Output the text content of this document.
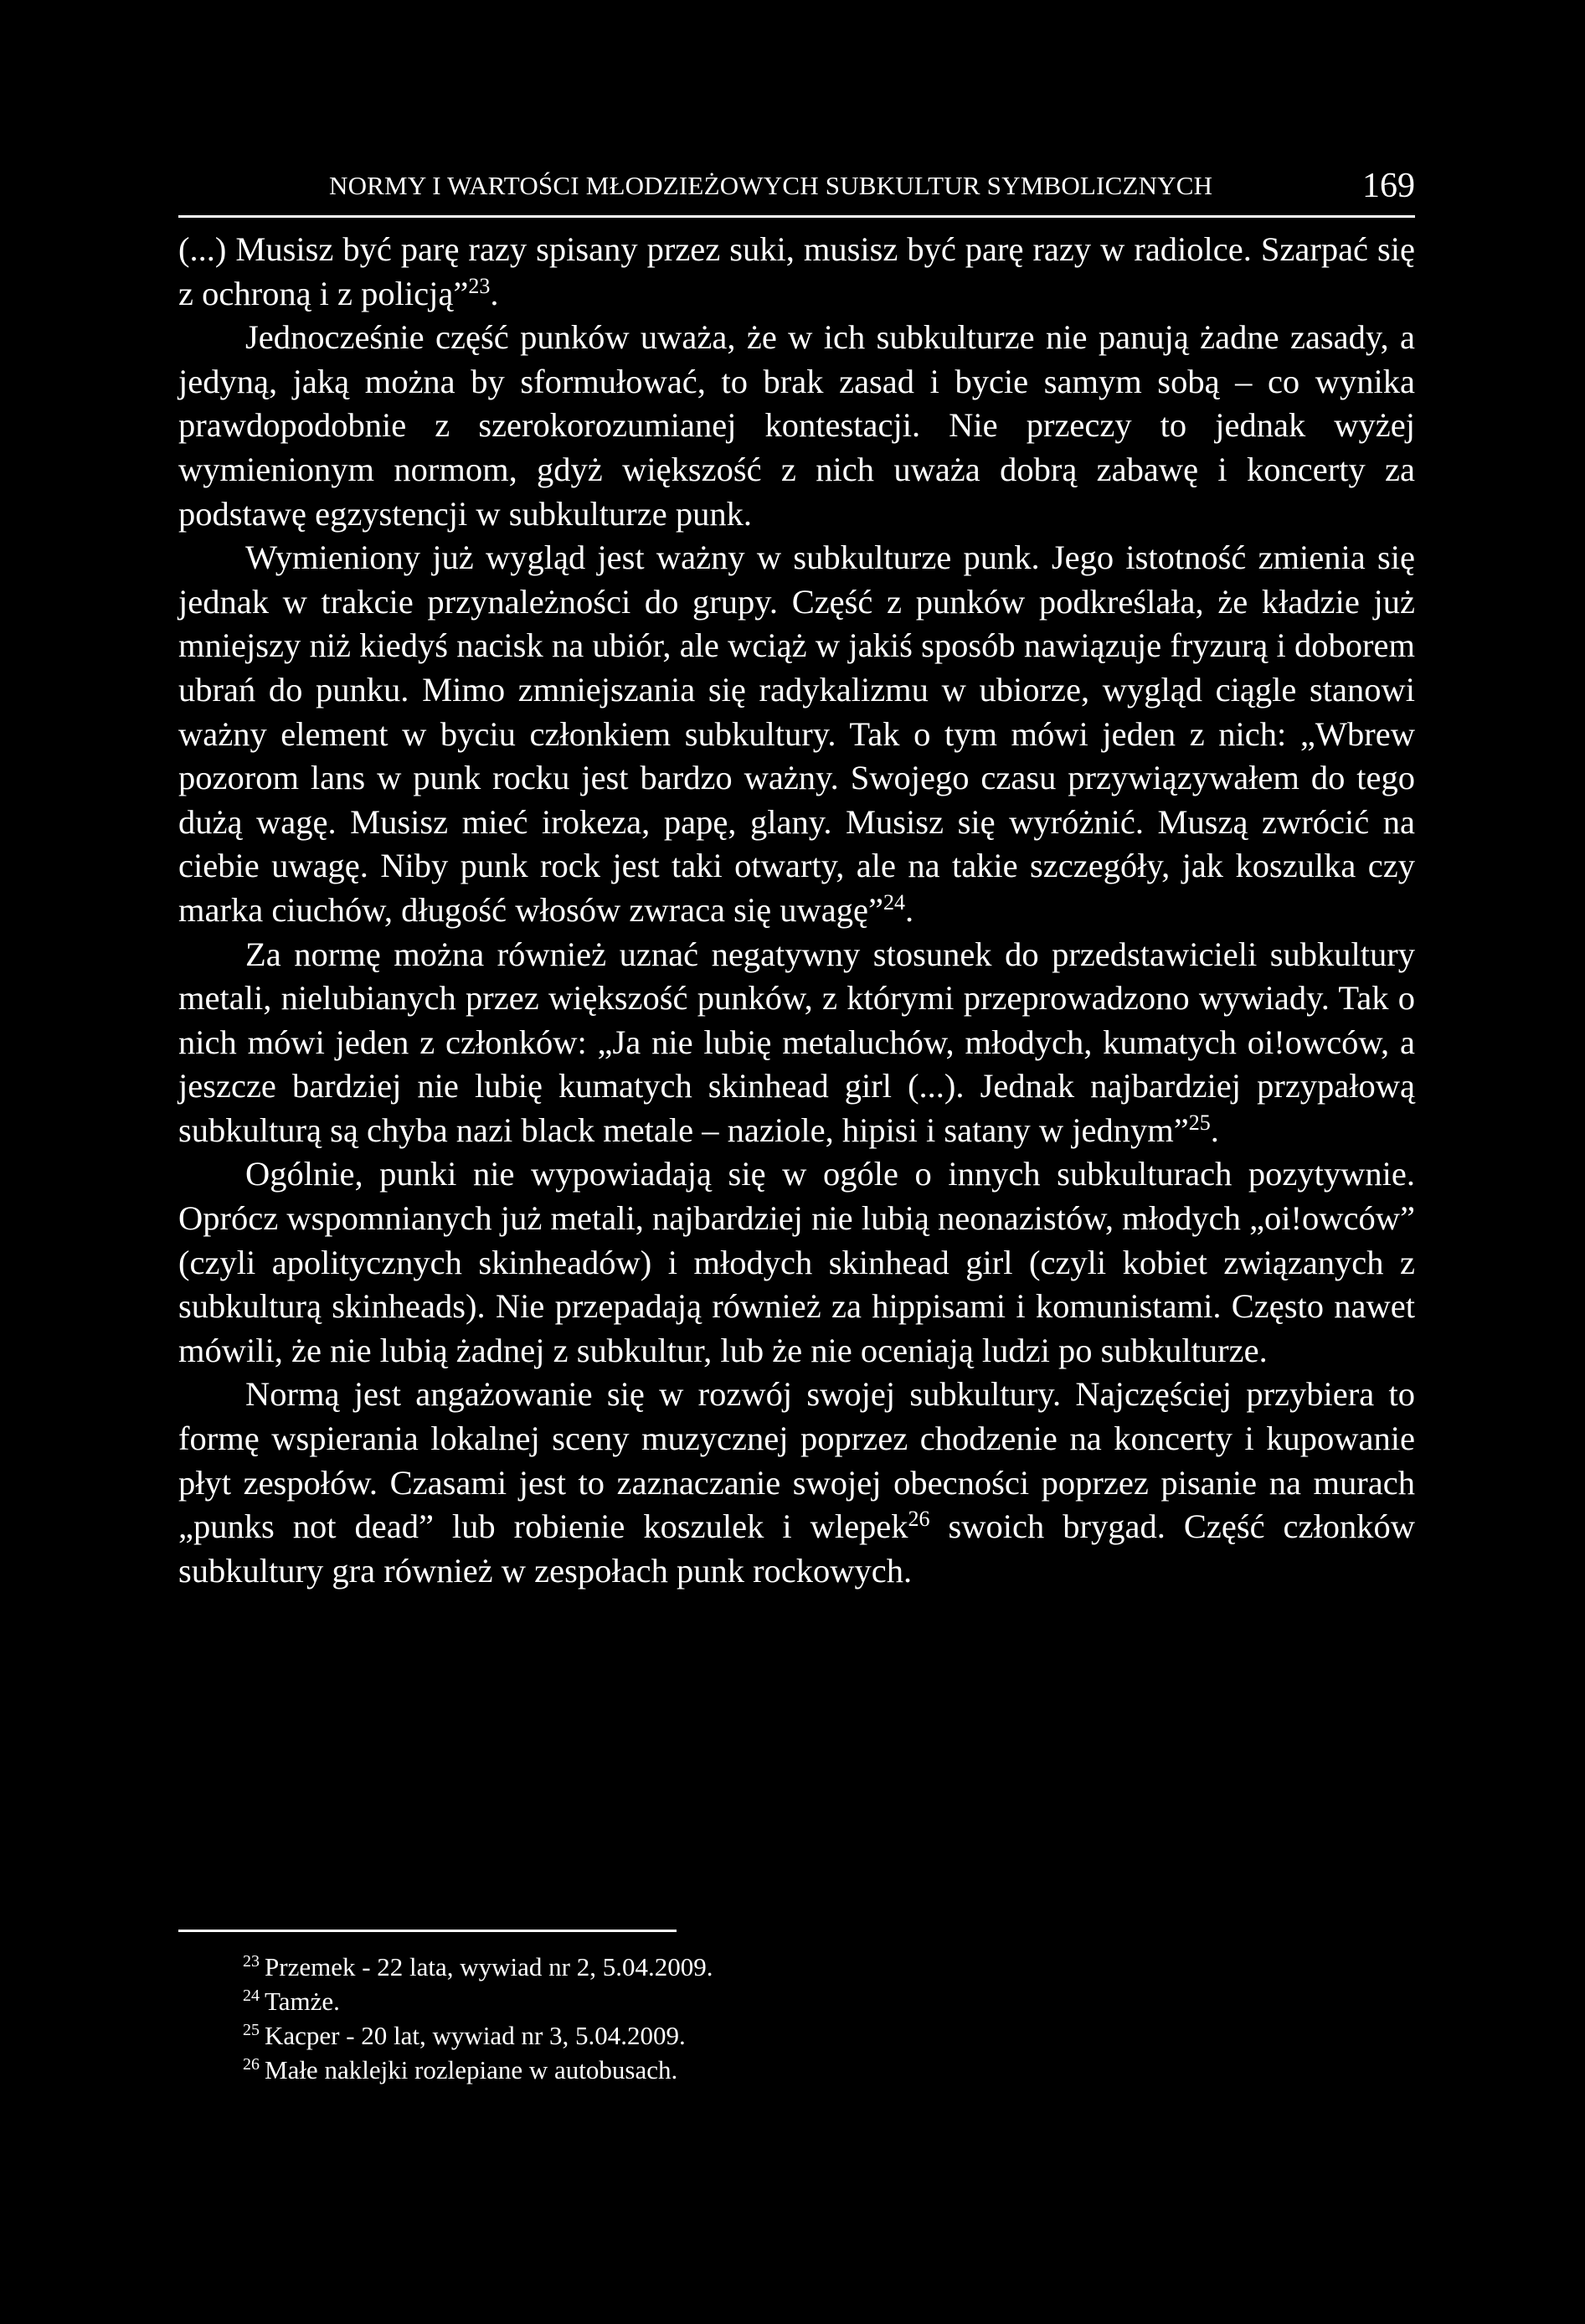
NORMY I WARTOŚCI MŁODZIEŻOWYCH SUBKULTUR SYMBOLICZNYCH	169

(...) Musisz być parę razy spisany przez suki, musisz być parę razy w radiolce. Szarpać się z ochroną i z policją”$^{23}$.

Jednocześnie część punków uważa, że w ich subkulturze nie panują żadne zasady, a jedyną, jaką można by sformułować, to brak zasad i bycie samym sobą – co wynika prawdopodobnie z szerokorozumianej kontestacji. Nie przeczy to jednak wyżej wymienionym normom, gdyż większość z nich uważa dobrą zabawę i koncerty za podstawę egzystencji w subkulturze punk.

Wymieniony już wygląd jest ważny w subkulturze punk. Jego istotność zmienia się jednak w trakcie przynależności do grupy. Część z punków podkreślała, że kładzie już mniejszy niż kiedyś nacisk na ubiór, ale wciąż w jakiś sposób nawiązuje fryzurą i doborem ubrań do punku. Mimo zmniejszania się radykalizmu w ubiorze, wygląd ciągle stanowi ważny element w byciu członkiem subkultury. Tak o tym mówi jeden z nich: „Wbrew pozorom lans w punk rocku jest bardzo ważny. Swojego czasu przywiązywałem do tego dużą wagę. Musisz mieć irokeza, papę, glany. Musisz się wyróżnić. Muszą zwrócić na ciebie uwagę. Niby punk rock jest taki otwarty, ale na takie szczegóły, jak koszulka czy marka ciuchów, długość włosów zwraca się uwagę”$^{24}$.

Za normę można również uznać negatywny stosunek do przedstawicieli subkultury metali, nielubianych przez większość punków, z którymi przeprowadzono wywiady. Tak o nich mówi jeden z członków: „Ja nie lubię metaluchów, młodych, kumatych oi!owców, a jeszcze bardziej nie lubię kumatych skinhead girl (...). Jednak najbardziej przypałową subkulturą są chyba nazi black metale – naziole, hipisi i satany w jednym”$^{25}$.

Ogólnie, punki nie wypowiadają się w ogóle o innych subkulturach pozytywnie. Oprócz wspomnianych już metali, najbardziej nie lubią neonazistów, młodych „oi!owców” (czyli apolitycznych skinheadów) i młodych skinhead girl (czyli kobiet związanych z subkulturą skinheads). Nie przepadają również za hippisami i komunistami. Często nawet mówili, że nie lubią żadnej z subkultur, lub że nie oceniają ludzi po subkulturze.

Normą jest angażowanie się w rozwój swojej subkultury. Najczęściej przybiera to formę wspierania lokalnej sceny muzycznej poprzez chodzenie na koncerty i kupowanie płyt zespołów. Czasami jest to zaznaczanie swojej obecności poprzez pisanie na murach „punks not dead” lub robienie koszulek i wlepek$^{26}$ swoich brygad. Część członków subkultury gra również w zespołach punk rockowych.

$^{23}$ Przemek - 22 lata, wywiad nr 2, 5.04.2009.
$^{24}$ Tamże.
$^{25}$ Kacper - 20 lat, wywiad nr 3, 5.04.2009.
$^{26}$ Małe naklejki rozlepiane w autobusach.
